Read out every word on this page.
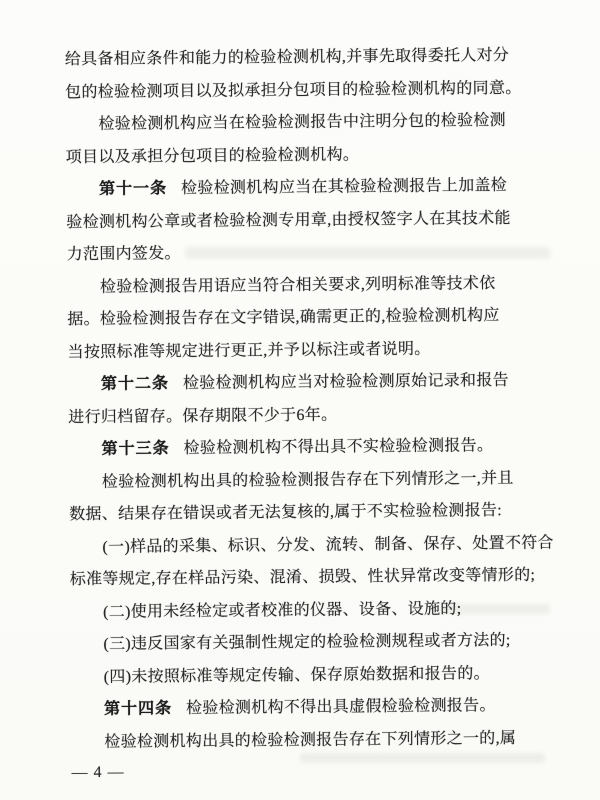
给具备相应条件和能力的检验检测机构,并事先取得委托人对分
包的检验检测项目以及拟承担分包项目的检验检测机构的同意。
检验检测机构应当在检验检测报告中注明分包的检验检测
项目以及承担分包项目的检验检测机构。
第十一条 检验检测机构应当在其检验检测报告上加盖检
验检测机构公章或者检验检测专用章,由授权签字人在其技术能
力范围内签发。
检验检测报告用语应当符合相关要求,列明标准等技术依
据。检验检测报告存在文字错误,确需更正的,检验检测机构应
当按照标准等规定进行更正,并予以标注或者说明。
第十二条 检验检测机构应当对检验检测原始记录和报告
进行归档留存。保存期限不少于6年。
第十三条 检验检测机构不得出具不实检验检测报告。
检验检测机构出具的检验检测报告存在下列情形之一,并且
数据、结果存在错误或者无法复核的,属于不实检验检测报告:
(一)样品的采集、标识、分发、流转、制备、保存、处置不符合
标准等规定,存在样品污染、混淆、损毁、性状异常改变等情形的;
(二)使用未经检定或者校准的仪器、设备、设施的;
(三)违反国家有关强制性规定的检验检测规程或者方法的;
(四)未按照标准等规定传输、保存原始数据和报告的。
第十四条 检验检测机构不得出具虚假检验检测报告。
检验检测机构出具的检验检测报告存在下列情形之一的,属
— 4 —
